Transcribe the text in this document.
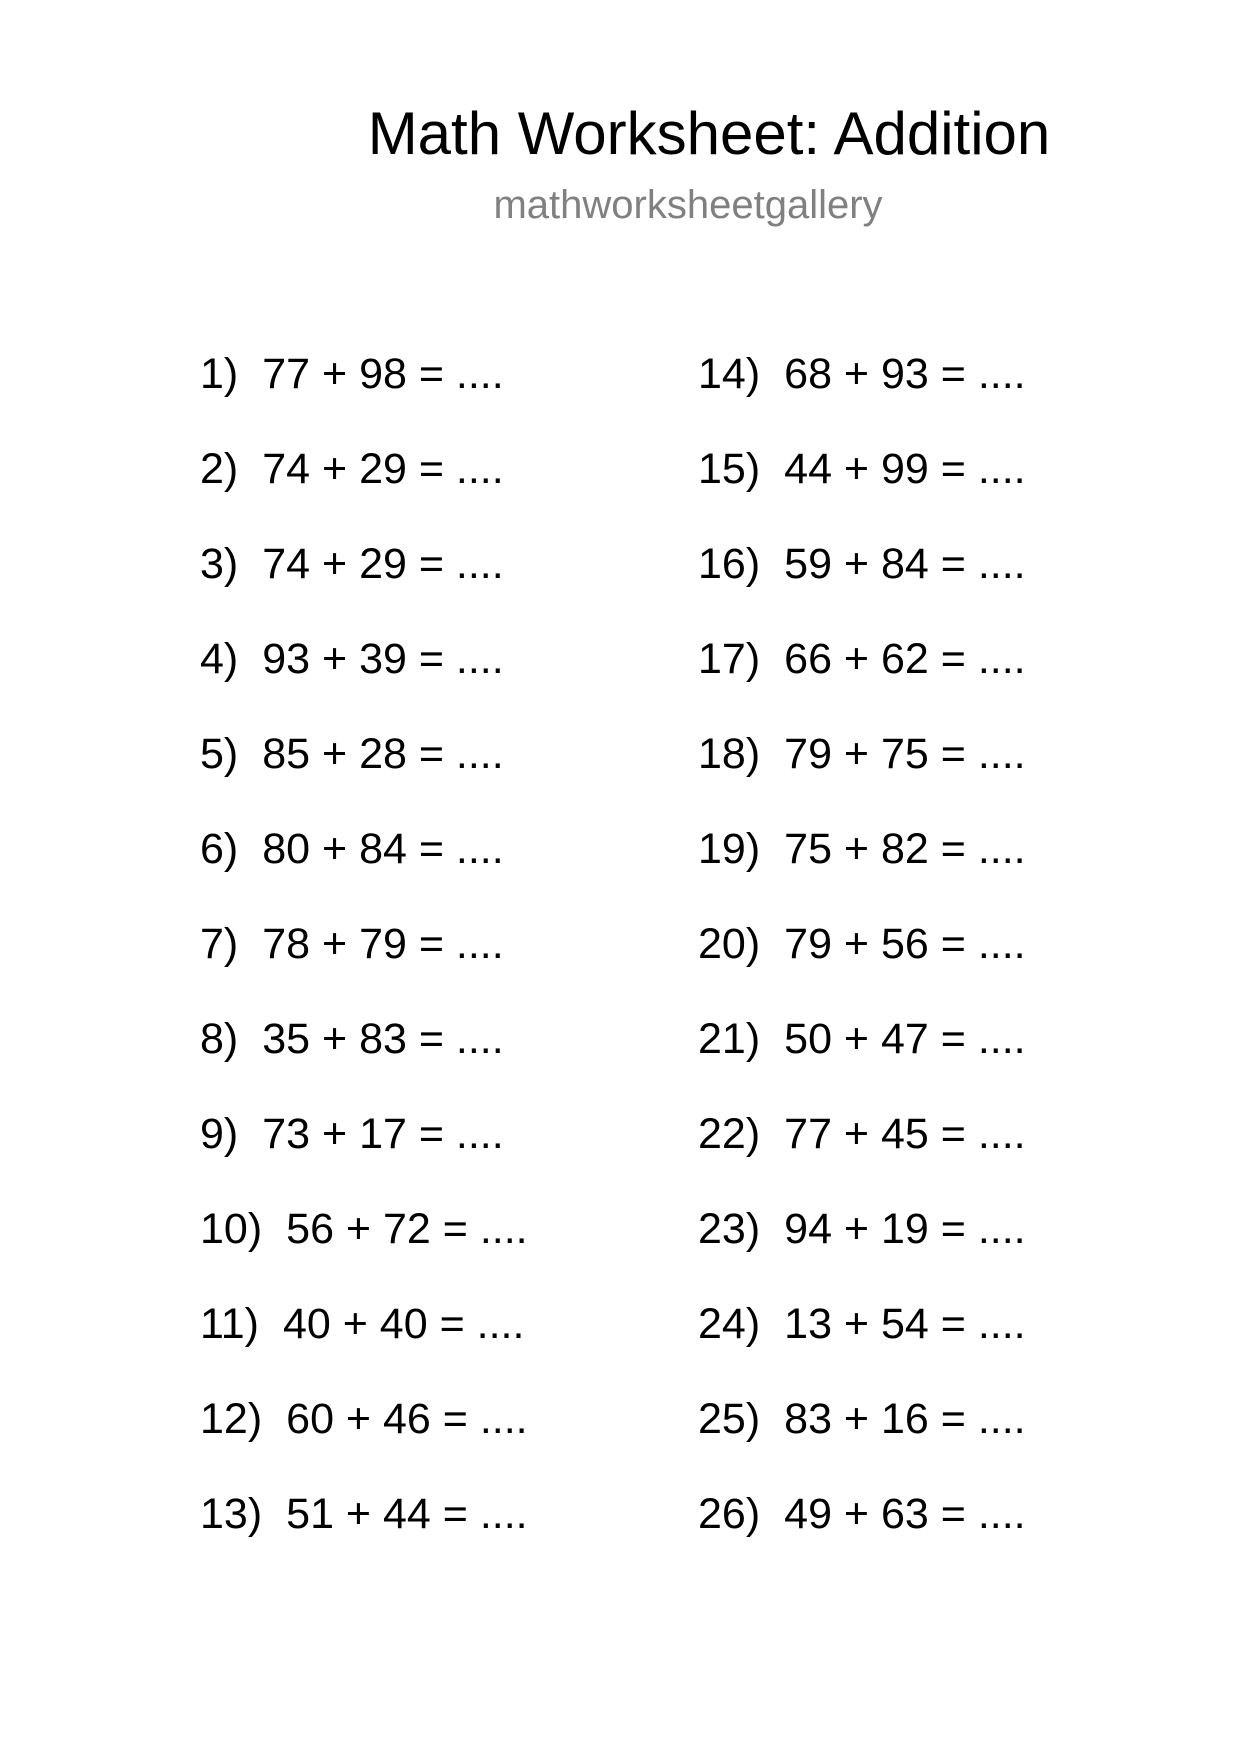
Math Worksheet: Addition
mathworksheetgallery
1) 77 + 98 = ....
2) 74 + 29 = ....
3) 74 + 29 = ....
4) 93 + 39 = ....
5) 85 + 28 = ....
6) 80 + 84 = ....
7) 78 + 79 = ....
8) 35 + 83 = ....
9) 73 + 17 = ....
10) 56 + 72 = ....
11) 40 + 40 = ....
12) 60 + 46 = ....
13) 51 + 44 = ....
14) 68 + 93 = ....
15) 44 + 99 = ....
16) 59 + 84 = ....
17) 66 + 62 = ....
18) 79 + 75 = ....
19) 75 + 82 = ....
20) 79 + 56 = ....
21) 50 + 47 = ....
22) 77 + 45 = ....
23) 94 + 19 = ....
24) 13 + 54 = ....
25) 83 + 16 = ....
26) 49 + 63 = ....
